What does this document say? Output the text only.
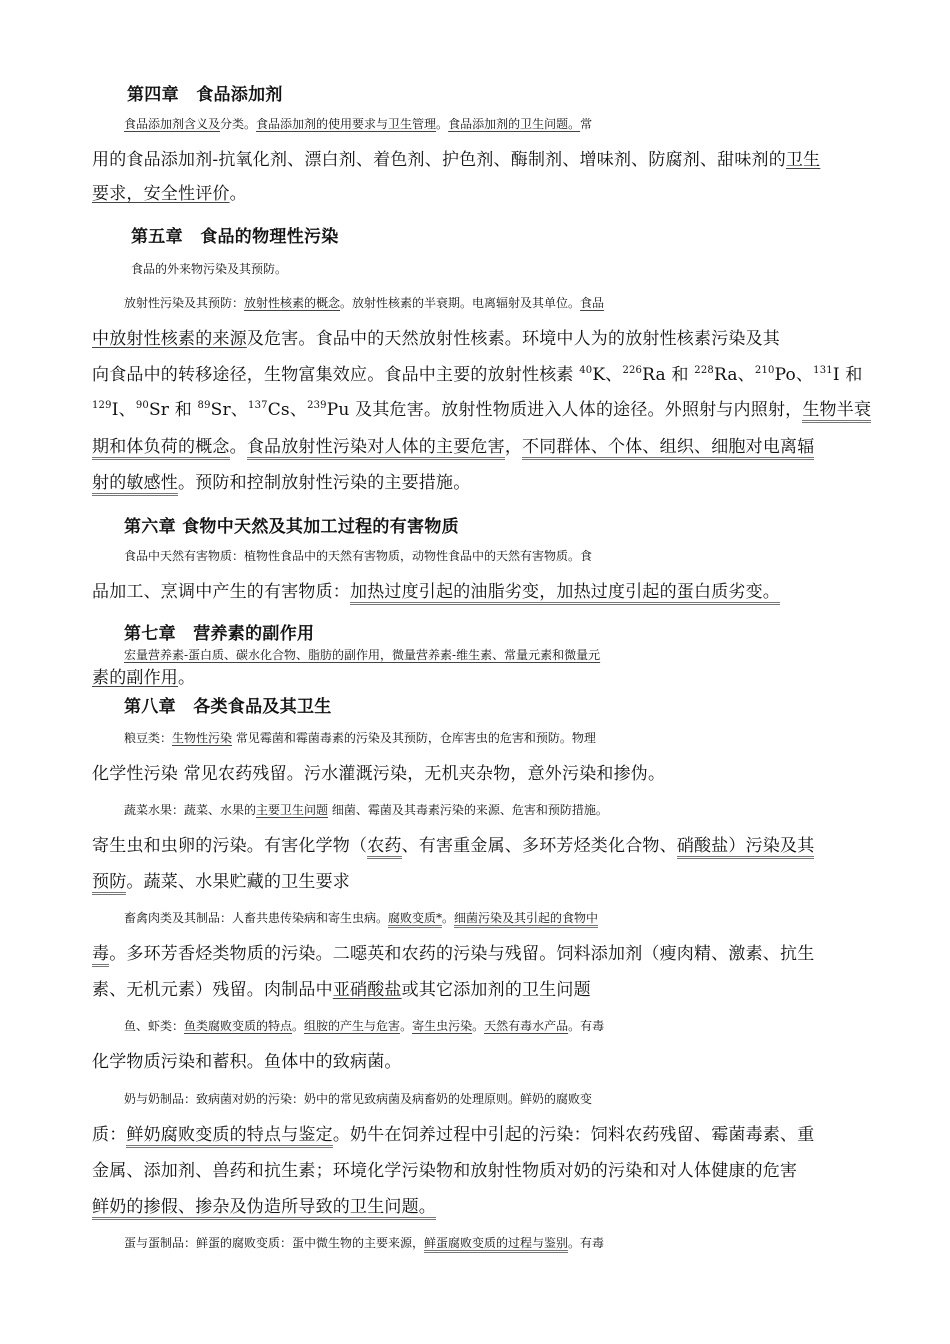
第四章　食品添加剂
食品添加剂含义及分类。食品添加剂的使用要求与卫生管理。食品添加剂的卫生问题。常
用的食品添加剂-抗氧化剂、漂白剂、着色剂、护色剂、酶制剂、增味剂、防腐剂、甜味剂的卫生
要求，安全性评价。
第五章　食品的物理性污染
食品的外来物污染及其预防。
放射性污染及其预防：放射性核素的概念。放射性核素的半衰期。电离辐射及其单位。食品
中放射性核素的来源及危害。食品中的天然放射性核素。环境中人为的放射性核素污染及其
向食品中的转移途径，生物富集效应。食品中主要的放射性核素 $^{40}$K、$^{226}$Ra 和 $^{228}$Ra、$^{210}$Po、$^{131}$I 和
$^{129}$I、$^{90}$Sr 和 $^{89}$Sr、$^{137}$Cs、$^{239}$Pu 及其危害。放射性物质进入人体的途径。外照射与内照射，生物半衰
期和体负荷的概念。食品放射性污染对人体的主要危害，不同群体、个体、组织、细胞对电离辐
射的敏感性。预防和控制放射性污染的主要措施。
第六章 食物中天然及其加工过程的有害物质
食品中天然有害物质：植物性食品中的天然有害物质，动物性食品中的天然有害物质。食
品加工、烹调中产生的有害物质：加热过度引起的油脂劣变，加热过度引起的蛋白质劣变。
第七章　营养素的副作用
宏量营养素-蛋白质、碳水化合物、脂肪的副作用，微量营养素-维生素、常量元素和微量元
素的副作用。
第八章　各类食品及其卫生
粮豆类：生物性污染 常见霉菌和霉菌毒素的污染及其预防，仓库害虫的危害和预防。物理
化学性污染 常见农药残留。污水灌溉污染，无机夹杂物，意外污染和掺伪。
蔬菜水果：蔬菜、水果的主要卫生问题 细菌、霉菌及其毒素污染的来源、危害和预防措施。
寄生虫和虫卵的污染。有害化学物（农药、有害重金属、多环芳烃类化合物、硝酸盐）污染及其
预防。蔬菜、水果贮藏的卫生要求
畜禽肉类及其制品：人畜共患传染病和寄生虫病。腐败变质*。细菌污染及其引起的食物中
毒。多环芳香烃类物质的污染。二噁英和农药的污染与残留。饲料添加剂（瘦肉精、激素、抗生
素、无机元素）残留。肉制品中亚硝酸盐或其它添加剂的卫生问题
鱼、虾类：鱼类腐败变质的特点。组胺的产生与危害。寄生虫污染。天然有毒水产品。有毒
化学物质污染和蓄积。鱼体中的致病菌。
奶与奶制品：致病菌对奶的污染：奶中的常见致病菌及病畜奶的处理原则。鲜奶的腐败变
质：鲜奶腐败变质的特点与鉴定。奶牛在饲养过程中引起的污染：饲料农药残留、霉菌毒素、重
金属、添加剂、兽药和抗生素；环境化学污染物和放射性物质对奶的污染和对人体健康的危害
鲜奶的掺假、掺杂及伪造所导致的卫生问题。
蛋与蛋制品：鲜蛋的腐败变质：蛋中微生物的主要来源，鲜蛋腐败变质的过程与鉴别。有毒
